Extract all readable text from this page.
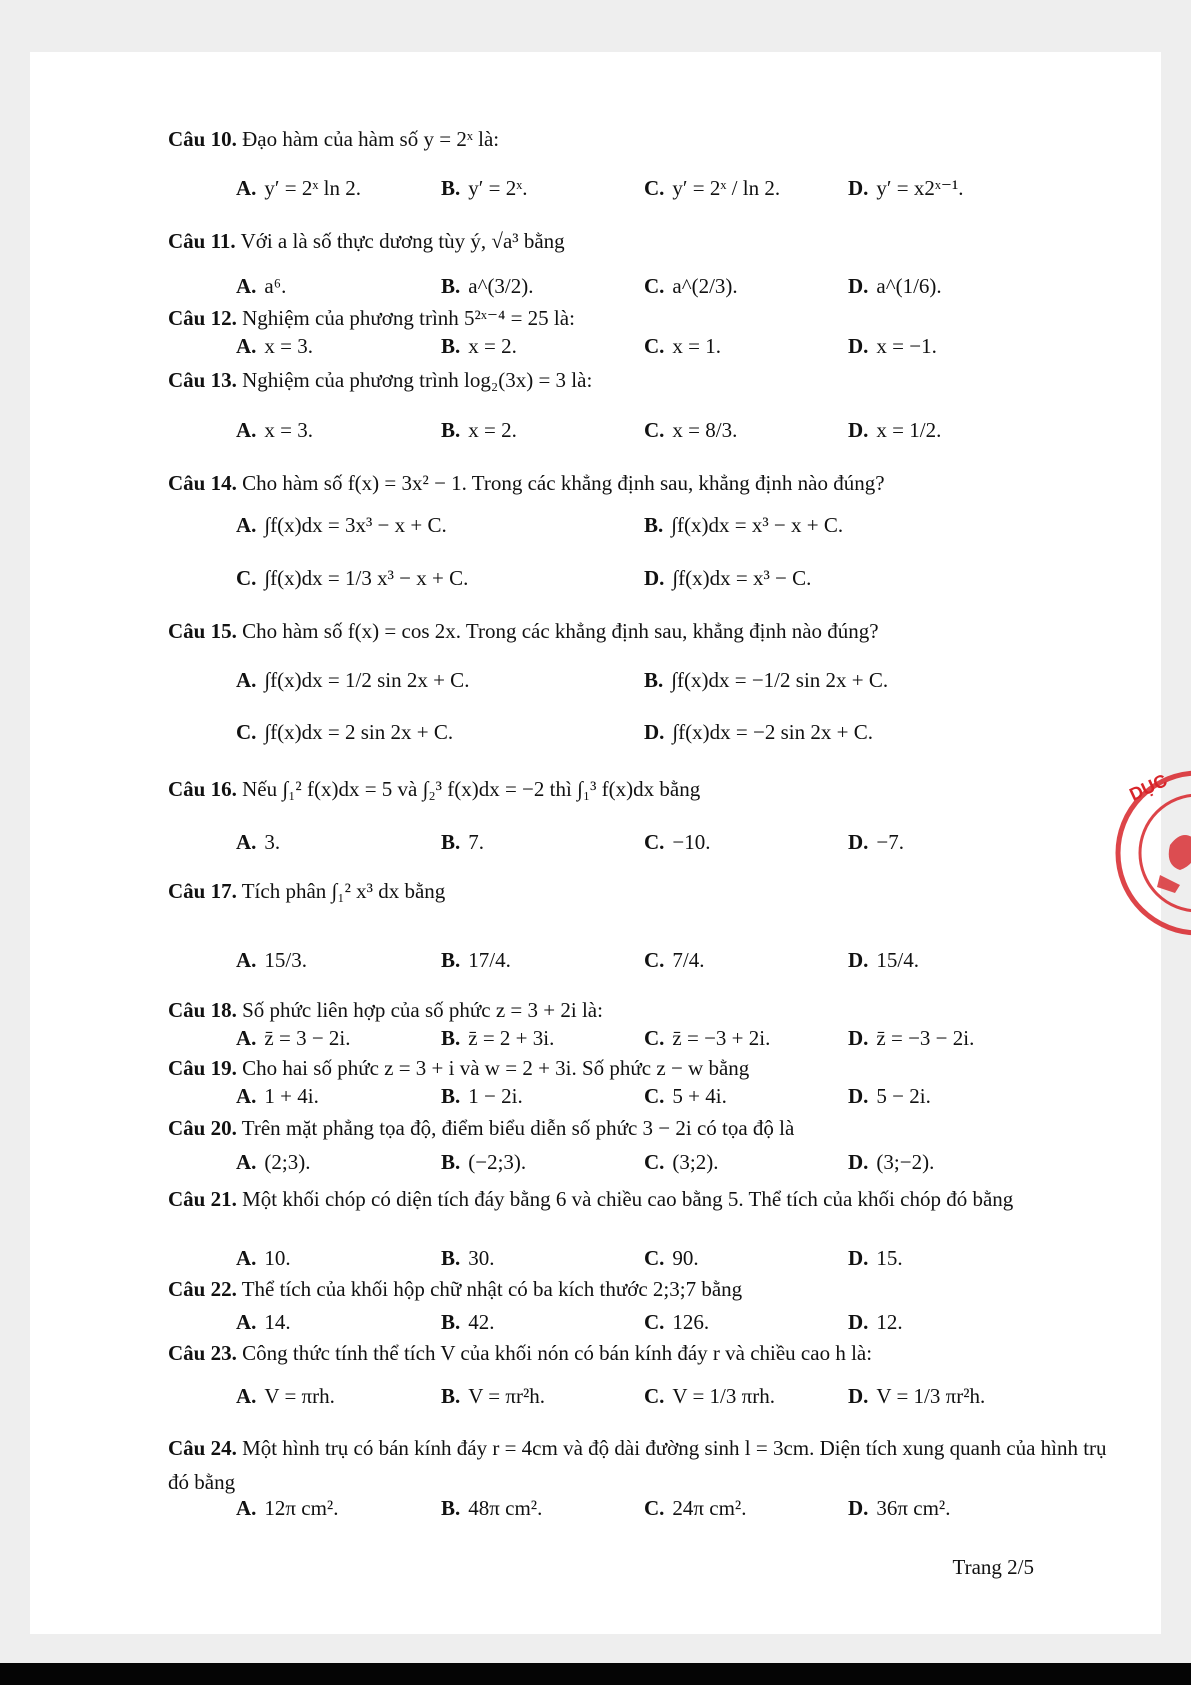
Câu 10. Đạo hàm của hàm số y = 2ˣ là:
A. y′ = 2ˣ ln 2.	B. y′ = 2ˣ.	C. y′ = 2ˣ / ln 2.	D. y′ = x2ˣ⁻¹.
Câu 11. Với a là số thực dương tùy ý, √a³ bằng
A. a⁶.	B. a^(3/2).	C. a^(2/3).	D. a^(1/6).
Câu 12. Nghiệm của phương trình 5²ˣ⁻⁴ = 25 là:
A. x = 3.	B. x = 2.	C. x = 1.	D. x = −1.
Câu 13. Nghiệm của phương trình log₂(3x) = 3 là:
A. x = 3.	B. x = 2.	C. x = 8/3.	D. x = 1/2.
Câu 14. Cho hàm số f(x) = 3x² − 1. Trong các khẳng định sau, khẳng định nào đúng?
A. ∫f(x)dx = 3x³ − x + C.	B. ∫f(x)dx = x³ − x + C.
C. ∫f(x)dx = 1/3 x³ − x + C.	D. ∫f(x)dx = x³ − C.
Câu 15. Cho hàm số f(x) = cos 2x. Trong các khẳng định sau, khẳng định nào đúng?
A. ∫f(x)dx = 1/2 sin 2x + C.	B. ∫f(x)dx = −1/2 sin 2x + C.
C. ∫f(x)dx = 2 sin 2x + C.	D. ∫f(x)dx = −2 sin 2x + C.
Câu 16. Nếu ∫₁² f(x)dx = 5 và ∫₂³ f(x)dx = −2 thì ∫₁³ f(x)dx bằng
A. 3.	B. 7.	C. −10.	D. −7.
Câu 17. Tích phân ∫₁² x³ dx bằng
A. 15/3.	B. 17/4.	C. 7/4.	D. 15/4.
Câu 18. Số phức liên hợp của số phức z = 3 + 2i là:
A. z̄ = 3 − 2i.	B. z̄ = 2 + 3i.	C. z̄ = −3 + 2i.	D. z̄ = −3 − 2i.
Câu 19. Cho hai số phức z = 3 + i và w = 2 + 3i. Số phức z − w bằng
A. 1 + 4i.	B. 1 − 2i.	C. 5 + 4i.	D. 5 − 2i.
Câu 20. Trên mặt phẳng tọa độ, điểm biểu diễn số phức 3 − 2i có tọa độ là
A. (2;3).	B. (−2;3).	C. (3;2).	D. (3;−2).
Câu 21. Một khối chóp có diện tích đáy bằng 6 và chiều cao bằng 5. Thể tích của khối chóp đó bằng
A. 10.	B. 30.	C. 90.	D. 15.
Câu 22. Thể tích của khối hộp chữ nhật có ba kích thước 2;3;7 bằng
A. 14.	B. 42.	C. 126.	D. 12.
Câu 23. Công thức tính thể tích V của khối nón có bán kính đáy r và chiều cao h là:
A. V = πrh.	B. V = πr²h.	C. V = 1/3 πrh.	D. V = 1/3 πr²h.
Câu 24. Một hình trụ có bán kính đáy r = 4cm và độ dài đường sinh l = 3cm. Diện tích xung quanh của hình trụ đó bằng
A. 12π cm².	B. 48π cm².	C. 24π cm².	D. 36π cm².
Trang 2/5
DỤC
